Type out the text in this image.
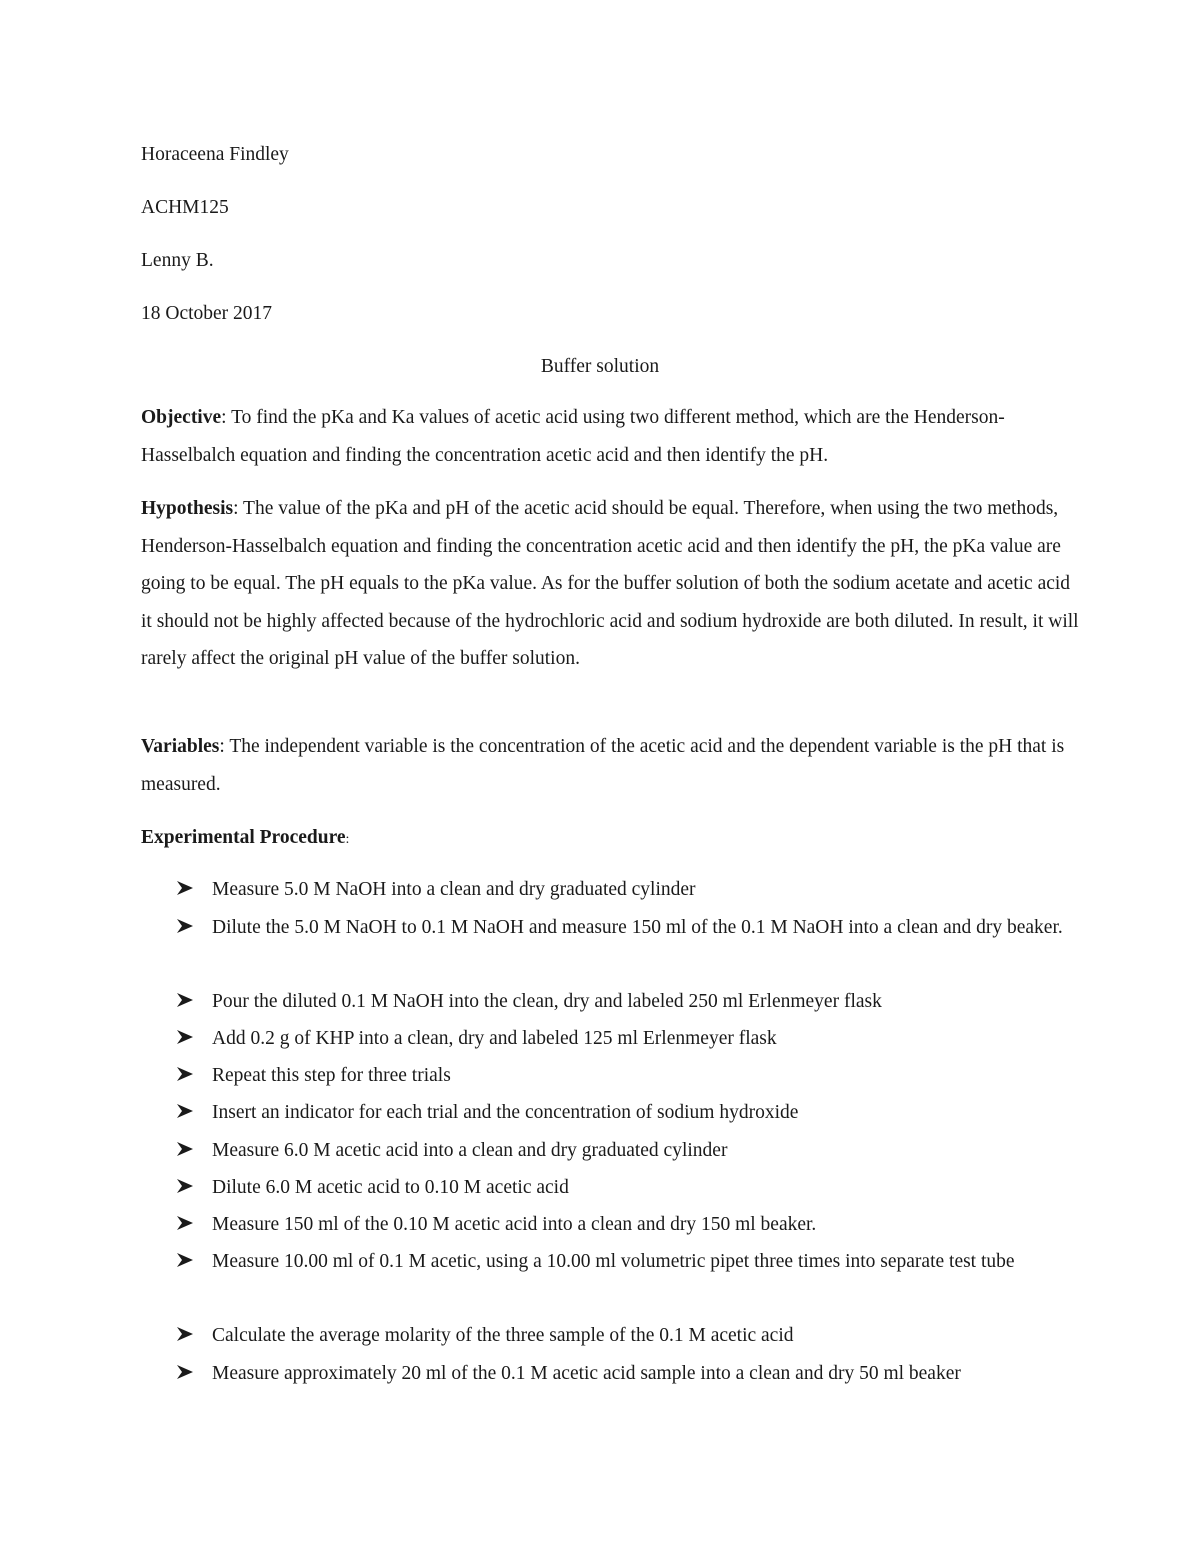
Horaceena Findley

ACHM125

Lenny B.

18 October 2017

Buffer solution

Objective: To find the pKa and Ka values of acetic acid using two different method, which are the Henderson-Hasselbalch equation and finding the concentration acetic acid and then identify the pH.

Hypothesis: The value of the pKa and pH of the acetic acid should be equal. Therefore, when using the two methods, Henderson-Hasselbalch equation and finding the concentration acetic acid and then identify the pH, the pKa value are going to be equal. The pH equals to the pKa value. As for the buffer solution of both the sodium acetate and acetic acid it should not be highly affected because of the hydrochloric acid and sodium hydroxide are both diluted. In result, it will rarely affect the original pH value of the buffer solution.

Variables: The independent variable is the concentration of the acetic acid and the dependent variable is the pH that is measured.

Experimental Procedure:

Measure 5.0 M NaOH into a clean and dry graduated cylinder
Dilute the 5.0 M NaOH to 0.1 M NaOH and measure 150 ml of the 0.1 M NaOH into a clean and dry beaker.
Pour the diluted 0.1 M NaOH into the clean, dry and labeled 250 ml Erlenmeyer flask
Add 0.2 g of KHP into a clean, dry and labeled 125 ml Erlenmeyer flask
Repeat this step for three trials
Insert an indicator for each trial and the concentration of sodium hydroxide
Measure 6.0 M acetic acid into a clean and dry graduated cylinder
Dilute 6.0 M acetic acid to 0.10 M acetic acid
Measure 150 ml of the 0.10 M acetic acid into a clean and dry 150 ml beaker.
Measure 10.00 ml of 0.1 M acetic, using a 10.00 ml volumetric pipet three times into separate test tube
Calculate the average molarity of the three sample of the 0.1 M acetic acid
Measure approximately 20 ml of the 0.1 M acetic acid sample into a clean and dry 50 ml beaker
